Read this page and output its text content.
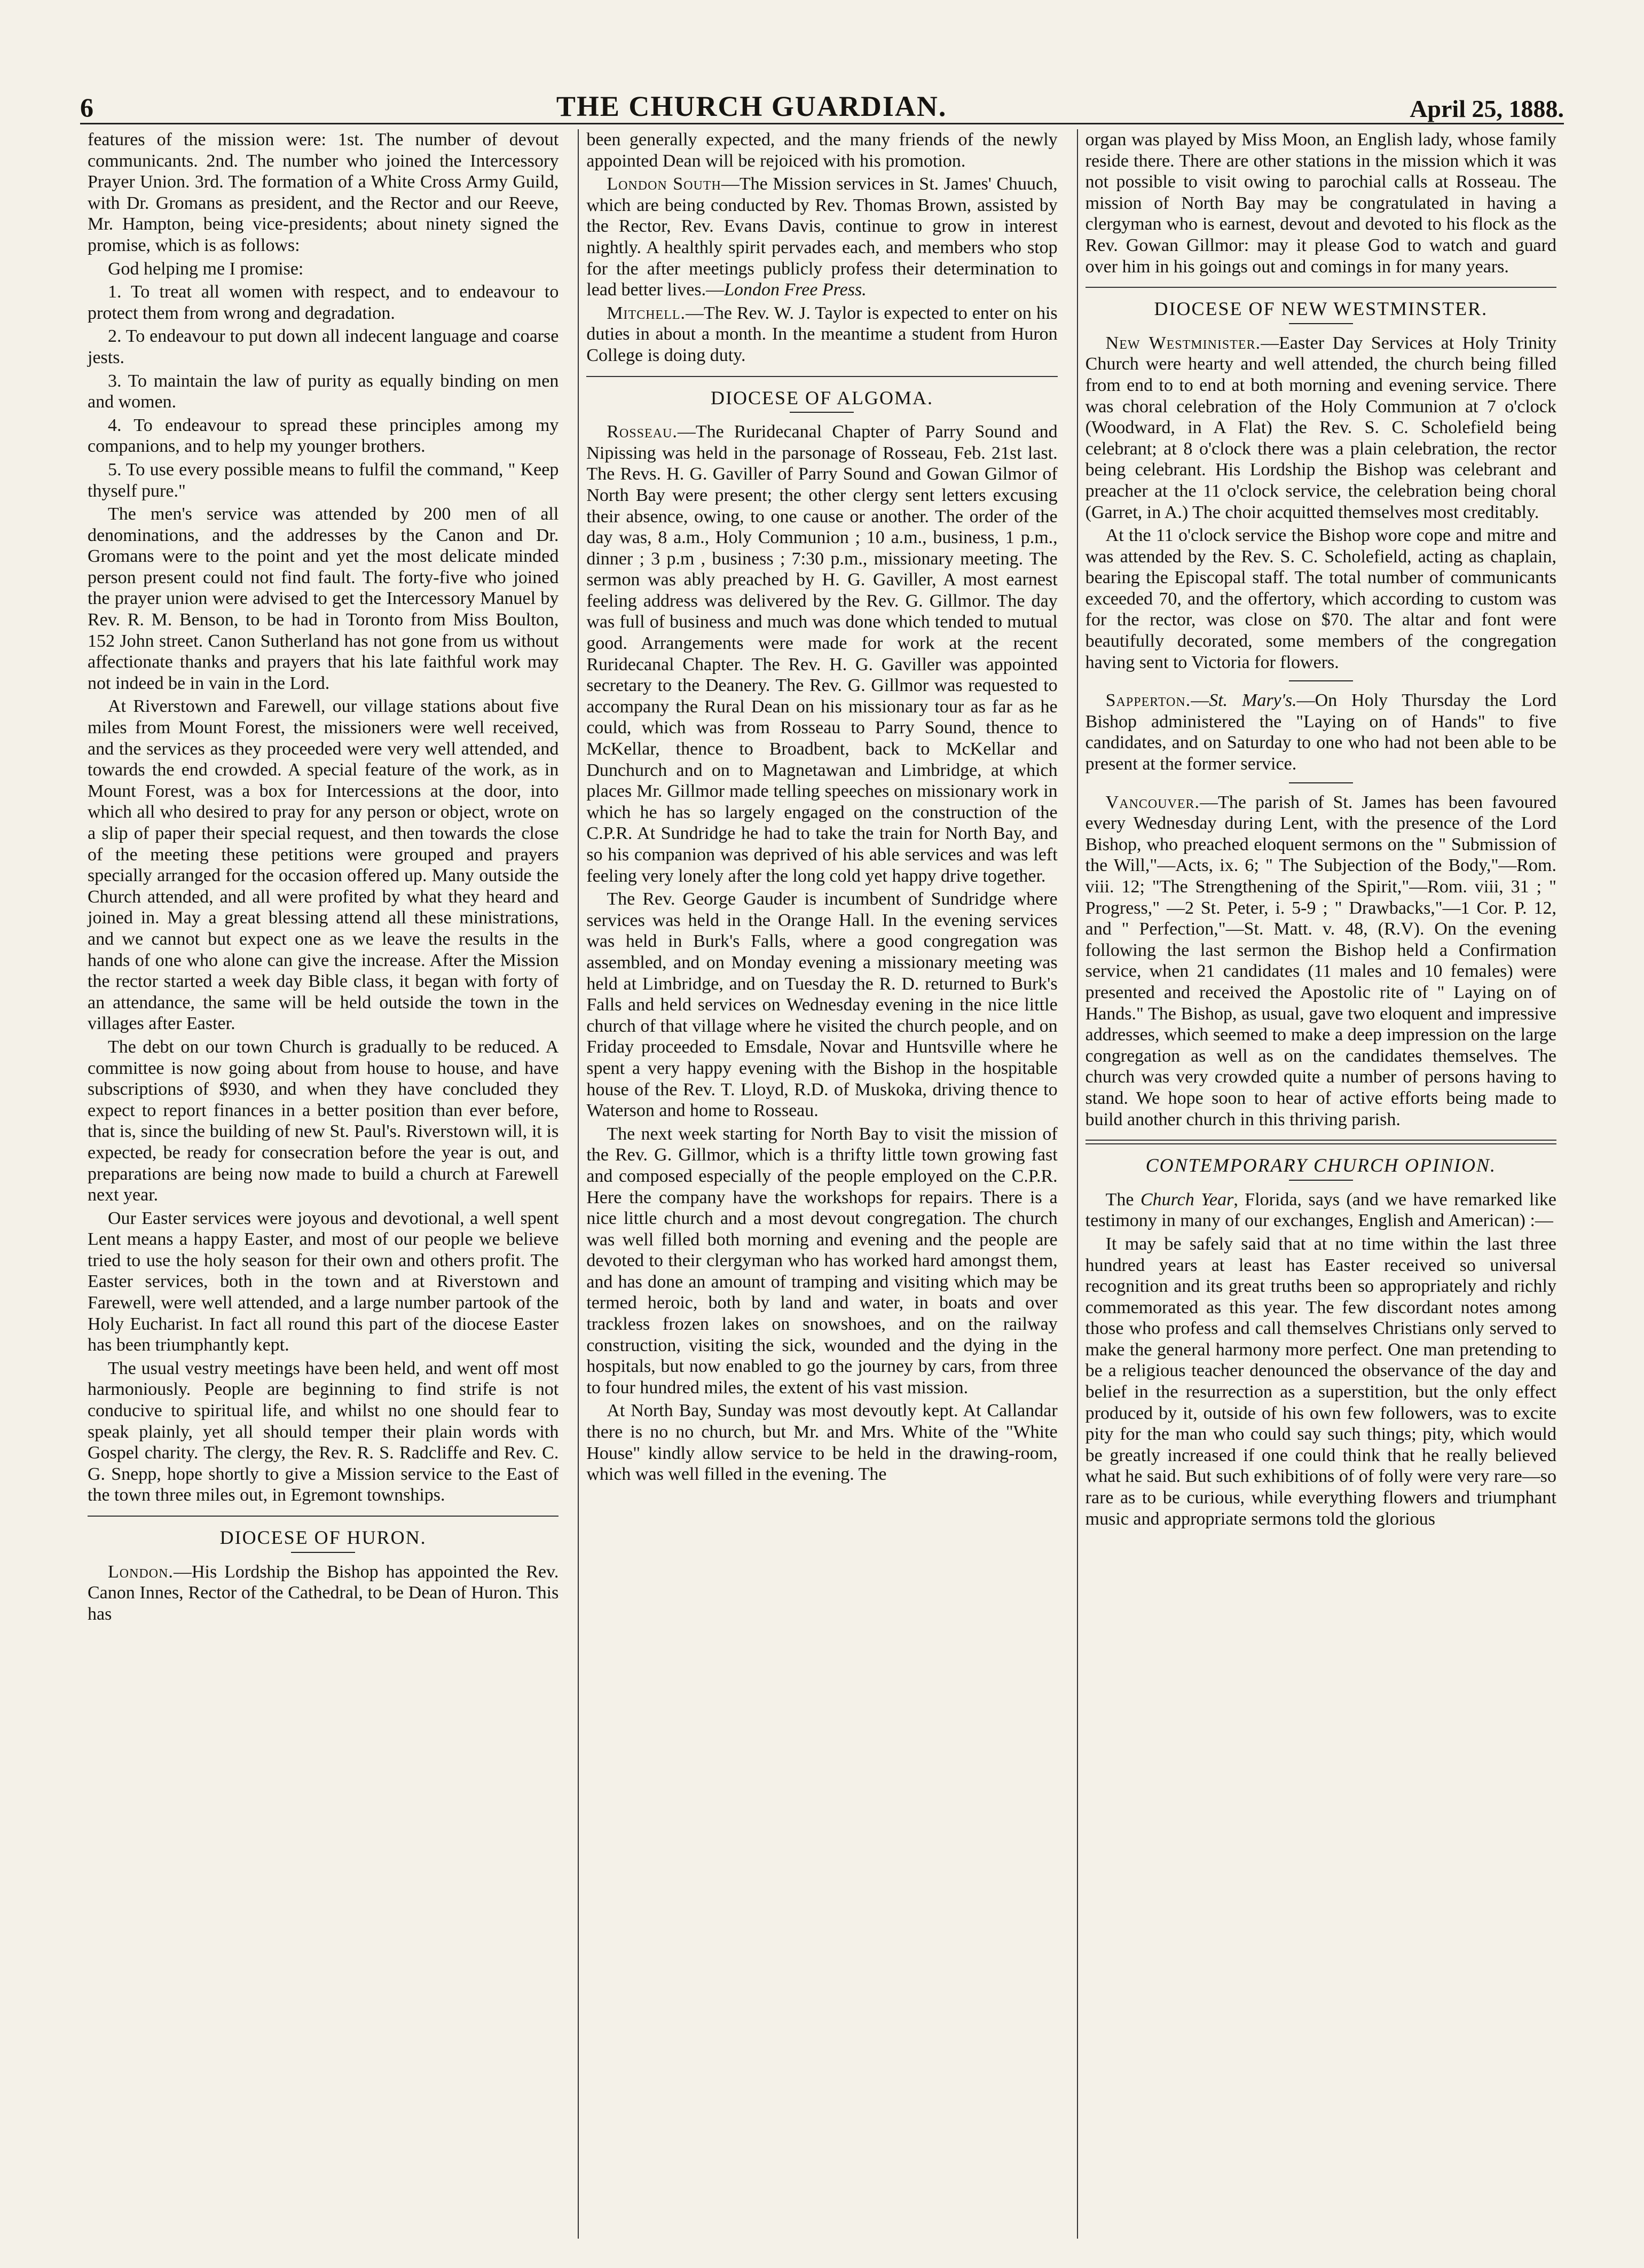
6	THE CHURCH GUARDIAN.	April 25, 1888.

features of the mission were: 1st. The number of devout communicants. 2nd. The number who joined the Intercessory Prayer Union. 3rd. The formation of a White Cross Army Guild, with Dr. Gromans as president, and the Rector and our Reeve, Mr. Hampton, being vice-presidents; about ninety signed the promise, which is as follows:

God helping me I promise:

1. To treat all women with respect, and to endeavour to protect them from wrong and degradation.

2. To endeavour to put down all indecent language and coarse jests.

3. To maintain the law of purity as equally binding on men and women.

4. To endeavour to spread these principles among my companions, and to help my younger brothers.

5. To use every possible means to fulfil the command, " Keep thyself pure."

The men's service was attended by 200 men of all denominations, and the addresses by the Canon and Dr. Gromans were to the point and yet the most delicate minded person present could not find fault. The forty-five who joined the prayer union were advised to get the Intercessory Manuel by Rev. R. M. Benson, to be had in Toronto from Miss Boulton, 152 John street. Canon Sutherland has not gone from us without affectionate thanks and prayers that his late faithful work may not indeed be in vain in the Lord.

At Riverstown and Farewell, our village stations about five miles from Mount Forest, the missioners were well received, and the services as they proceeded were very well attended, and towards the end crowded. A special feature of the work, as in Mount Forest, was a box for Intercessions at the door, into which all who desired to pray for any person or object, wrote on a slip of paper their special request, and then towards the close of the meeting these petitions were grouped and prayers specially arranged for the occasion offered up. Many outside the Church attended, and all were profited by what they heard and joined in. May a great blessing attend all these ministrations, and we cannot but expect one as we leave the results in the hands of one who alone can give the increase. After the Mission the rector started a week day Bible class, it began with forty of an attendance, the same will be held outside the town in the villages after Easter.

The debt on our town Church is gradually to be reduced. A committee is now going about from house to house, and have subscriptions of $930, and when they have concluded they expect to report finances in a better position than ever before, that is, since the building of new St. Paul's. Riverstown will, it is expected, be ready for consecration before the year is out, and preparations are being now made to build a church at Farewell next year.

Our Easter services were joyous and devotional, a well spent Lent means a happy Easter, and most of our people we believe tried to use the holy season for their own and others profit. The Easter services, both in the town and at Riverstown and Farewell, were well attended, and a large number partook of the Holy Eucharist. In fact all round this part of the diocese Easter has been triumphantly kept.

The usual vestry meetings have been held, and went off most harmoniously. People are beginning to find strife is not conducive to spiritual life, and whilst no one should fear to speak plainly, yet all should temper their plain words with Gospel charity. The clergy, the Rev. R. S. Radcliffe and Rev. C. G. Snepp, hope shortly to give a Mission service to the East of the town three miles out, in Egremont townships.

DIOCESE OF HURON.

London.—His Lordship the Bishop has appointed the Rev. Canon Innes, Rector of the Cathedral, to be Dean of Huron. This has

been generally expected, and the many friends of the newly appointed Dean will be rejoiced with his promotion.

London South—The Mission services in St. James' Chuuch, which are being conducted by Rev. Thomas Brown, assisted by the Rector, Rev. Evans Davis, continue to grow in interest nightly. A healthly spirit pervades each, and members who stop for the after meetings publicly profess their determination to lead better lives.—London Free Press.

Mitchell.—The Rev. W. J. Taylor is expected to enter on his duties in about a month. In the meantime a student from Huron College is doing duty.

DIOCESE OF ALGOMA.

Rosseau.—The Ruridecanal Chapter of Parry Sound and Nipissing was held in the parsonage of Rosseau, Feb. 21st last. The Revs. H. G. Gaviller of Parry Sound and Gowan Gilmor of North Bay were present; the other clergy sent letters excusing their absence, owing, to one cause or another. The order of the day was, 8 a.m., Holy Communion ; 10 a.m., business, 1 p.m., dinner ; 3 p.m , business ; 7:30 p.m., missionary meeting. The sermon was ably preached by H. G. Gaviller, A most earnest feeling address was delivered by the Rev. G. Gillmor. The day was full of business and much was done which tended to mutual good. Arrangements were made for work at the recent Ruridecanal Chapter. The Rev. H. G. Gaviller was appointed secretary to the Deanery. The Rev. G. Gillmor was requested to accompany the Rural Dean on his missionary tour as far as he could, which was from Rosseau to Parry Sound, thence to McKellar, thence to Broadbent, back to McKellar and Dunchurch and on to Magnetawan and Limbridge, at which places Mr. Gillmor made telling speeches on missionary work in which he has so largely engaged on the construction of the C.P.R. At Sundridge he had to take the train for North Bay, and so his companion was deprived of his able services and was left feeling very lonely after the long cold yet happy drive together.

The Rev. George Gauder is incumbent of Sundridge where services was held in the Orange Hall. In the evening services was held in Burk's Falls, where a good congregation was assembled, and on Monday evening a missionary meeting was held at Limbridge, and on Tuesday the R. D. returned to Burk's Falls and held services on Wednesday evening in the nice little church of that village where he visited the church people, and on Friday proceeded to Emsdale, Novar and Huntsville where he spent a very happy evening with the Bishop in the hospitable house of the Rev. T. Lloyd, R.D. of Muskoka, driving thence to Waterson and home to Rosseau.

The next week starting for North Bay to visit the mission of the Rev. G. Gillmor, which is a thrifty little town growing fast and composed especially of the people employed on the C.P.R. Here the company have the workshops for repairs. There is a nice little church and a most devout congregation. The church was well filled both morning and evening and the people are devoted to their clergyman who has worked hard amongst them, and has done an amount of tramping and visiting which may be termed heroic, both by land and water, in boats and over trackless frozen lakes on snowshoes, and on the railway construction, visiting the sick, wounded and the dying in the hospitals, but now enabled to go the journey by cars, from three to four hundred miles, the extent of his vast mission.

At North Bay, Sunday was most devoutly kept. At Callandar there is no no church, but Mr. and Mrs. White of the "White House" kindly allow service to be held in the drawing-room, which was well filled in the evening. The

organ was played by Miss Moon, an English lady, whose family reside there. There are other stations in the mission which it was not possible to visit owing to parochial calls at Rosseau. The mission of North Bay may be congratulated in having a clergyman who is earnest, devout and devoted to his flock as the Rev. Gowan Gillmor: may it please God to watch and guard over him in his goings out and comings in for many years.

DIOCESE OF NEW WESTMINSTER.

New Westminister.—Easter Day Services at Holy Trinity Church were hearty and well attended, the church being filled from end to to end at both morning and evening service. There was choral celebration of the Holy Communion at 7 o'clock (Woodward, in A Flat) the Rev. S. C. Scholefield being celebrant; at 8 o'clock there was a plain celebration, the rector being celebrant. His Lordship the Bishop was celebrant and preacher at the 11 o'clock service, the celebration being choral (Garret, in A.) The choir acquitted themselves most creditably.

At the 11 o'clock service the Bishop wore cope and mitre and was attended by the Rev. S. C. Scholefield, acting as chaplain, bearing the Episcopal staff. The total number of communicants exceeded 70, and the offertory, which according to custom was for the rector, was close on $70. The altar and font were beautifully decorated, some members of the congregation having sent to Victoria for flowers.

Sapperton.—St. Mary's.—On Holy Thursday the Lord Bishop administered the "Laying on of Hands" to five candidates, and on Saturday to one who had not been able to be present at the former service.

Vancouver.—The parish of St. James has been favoured every Wednesday during Lent, with the presence of the Lord Bishop, who preached eloquent sermons on the " Submission of the Will,"—Acts, ix. 6; " The Subjection of the Body,"—Rom. viii. 12; "The Strengthening of the Spirit,"—Rom. viii, 31 ; " Progress," —2 St. Peter, i. 5-9 ; " Drawbacks,"—1 Cor. P. 12, and " Perfection,"—St. Matt. v. 48, (R.V). On the evening following the last sermon the Bishop held a Confirmation service, when 21 candidates (11 males and 10 females) were presented and received the Apostolic rite of " Laying on of Hands." The Bishop, as usual, gave two eloquent and impressive addresses, which seemed to make a deep impression on the large congregation as well as on the candidates themselves. The church was very crowded quite a number of persons having to stand. We hope soon to hear of active efforts being made to build another church in this thriving parish.

CONTEMPORARY CHURCH OPINION.

The Church Year, Florida, says (and we have remarked like testimony in many of our exchanges, English and American) :—

It may be safely said that at no time within the last three hundred years at least has Easter received so universal recognition and its great truths been so appropriately and richly commemorated as this year. The few discordant notes among those who profess and call themselves Christians only served to make the general harmony more perfect. One man pretending to be a religious teacher denounced the observance of the day and belief in the resurrection as a superstition, but the only effect produced by it, outside of his own few followers, was to excite pity for the man who could say such things; pity, which would be greatly increased if one could think that he really believed what he said. But such exhibitions of of folly were very rare—so rare as to be curious, while everything flowers and triumphant music and appropriate sermons told the glorious
